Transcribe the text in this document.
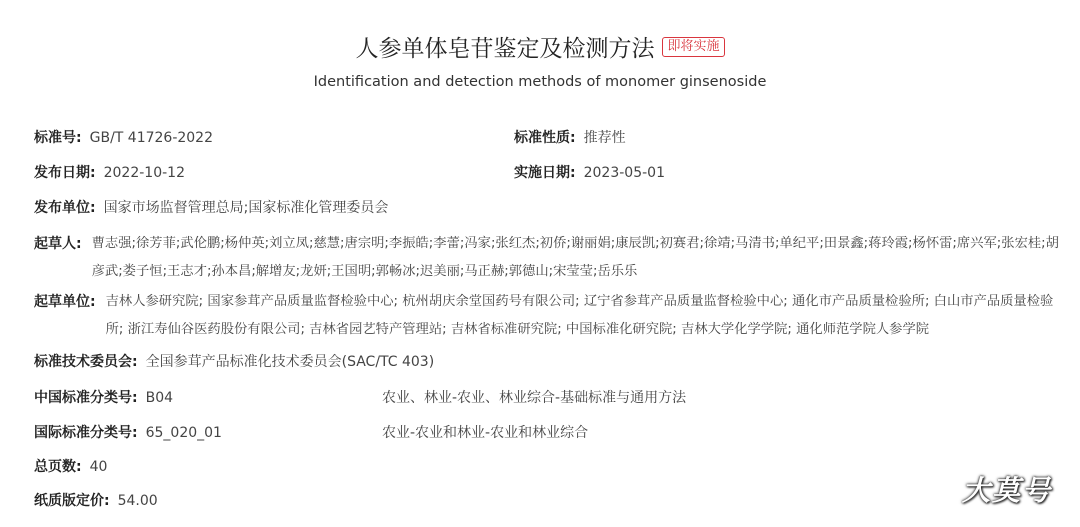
人参单体皂苷鉴定及检测方法	即将实施
Identification and detection methods of monomer ginsenoside
标准号: GB/T 41726-2022	标准性质: 推荐性
发布日期: 2022-10-12	实施日期: 2023-05-01
发布单位: 国家市场监督管理总局;国家标准化管理委员会
起草人: 曹志强;徐芳菲;武伦鹏;杨仲英;刘立凤;慈慧;唐宗明;李振皓;李蕾;冯家;张红杰;初侨;谢丽娟;康辰凯;初赛君;徐靖;马清书;单纪平;田景鑫;蒋玲霞;杨怀雷;席兴军;张宏桂;胡彦武;娄子恒;王志才;孙本昌;解增友;龙妍;王国明;郭畅冰;迟美丽;马正赫;郭德山;宋莹莹;岳乐乐
起草单位: 吉林人参研究院; 国家参茸产品质量监督检验中心; 杭州胡庆余堂国药号有限公司; 辽宁省参茸产品质量监督检验中心; 通化市产品质量检验所; 白山市产品质量检验所; 浙江寿仙谷医药股份有限公司; 吉林省园艺特产管理站; 吉林省标准研究院; 中国标准化研究院; 吉林大学化学学院; 通化师范学院人参学院
标准技术委员会: 全国参茸产品标准化技术委员会(SAC/TC 403)
中国标准分类号: B04	农业、林业-农业、林业综合-基础标准与通用方法
国际标准分类号: 65_020_01	农业-农业和林业-农业和林业综合
总页数: 40
纸质版定价: 54.00	大莫号
